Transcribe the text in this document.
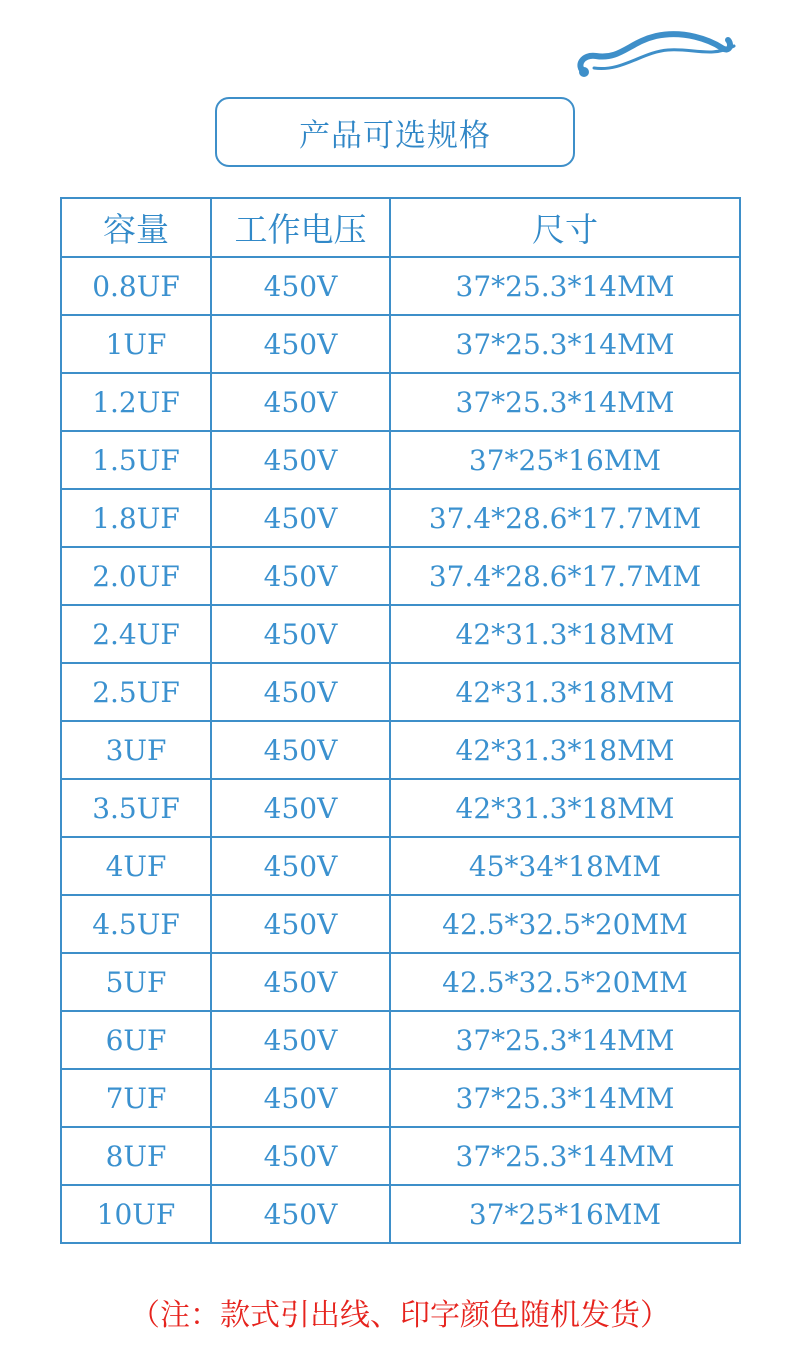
产品可选规格
容量	工作电压	尺寸
0.8UF	450V	37*25.3*14MM
1UF	450V	37*25.3*14MM
1.2UF	450V	37*25.3*14MM
1.5UF	450V	37*25*16MM
1.8UF	450V	37.4*28.6*17.7MM
2.0UF	450V	37.4*28.6*17.7MM
2.4UF	450V	42*31.3*18MM
2.5UF	450V	42*31.3*18MM
3UF	450V	42*31.3*18MM
3.5UF	450V	42*31.3*18MM
4UF	450V	45*34*18MM
4.5UF	450V	42.5*32.5*20MM
5UF	450V	42.5*32.5*20MM
6UF	450V	37*25.3*14MM
7UF	450V	37*25.3*14MM
8UF	450V	37*25.3*14MM
10UF	450V	37*25*16MM
（注：款式引出线、印字颜色随机发货）
